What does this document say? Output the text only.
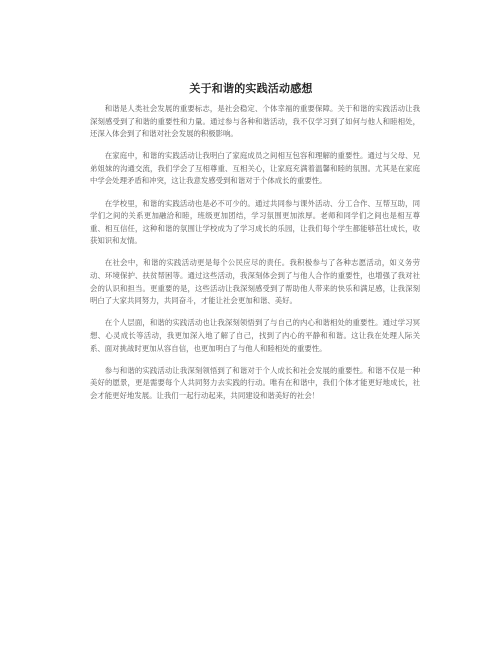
关于和谐的实践活动感想

和谐是人类社会发展的重要标志，是社会稳定、个体幸福的重要保障。关于和谐的实践活动让我深刻感受到了和谐的重要性和力量。通过参与各种和谐活动，我不仅学习到了如何与他人和睦相处，还深入体会到了和谐对社会发展的积极影响。

在家庭中，和谐的实践活动让我明白了家庭成员之间相互包容和理解的重要性。通过与父母、兄弟姐妹的沟通交流，我们学会了互相尊重、互相关心，让家庭充满着温馨和睦的氛围。尤其是在家庭中学会处理矛盾和冲突，这让我意发感受到和谐对于个体成长的重要性。

在学校里，和谐的实践活动也是必不可少的。通过共同参与课外活动、分工合作、互帮互助，同学们之间的关系更加融洽和睦，班级更加团结，学习氛围更加浓厚。老师和同学们之间也是相互尊重、相互信任，这种和谐的氛围让学校成为了学习成长的乐园，让我们每个学生都能够茁壮成长，收获知识和友情。

在社会中，和谐的实践活动更是每个公民应尽的责任。我积极参与了各种志愿活动，如义务劳动、环境保护、扶贫帮困等。通过这些活动，我深刻体会到了与他人合作的重要性，也增强了我对社会的认识和担当。更重要的是，这些活动让我深刻感受到了帮助他人带来的快乐和满足感，让我深刻明白了大家共同努力，共同奋斗，才能让社会更加和谐、美好。

在个人层面，和谐的实践活动也让我深刻领悟到了与自己的内心和谐相处的重要性。通过学习冥想、心灵成长等活动，我更加深入地了解了自己，找到了内心的平静和和谐。这让我在处理人际关系、面对挑战时更加从容自信，也更加明白了与他人和睦相处的重要性。

参与和谐的实践活动让我深刻领悟到了和谐对于个人成长和社会发展的重要性。和谐不仅是一种美好的愿景，更是需要每个人共同努力去实践的行动。唯有在和谐中，我们个体才能更好地成长，社会才能更好地发展。让我们一起行动起来，共同建设和谐美好的社会！
